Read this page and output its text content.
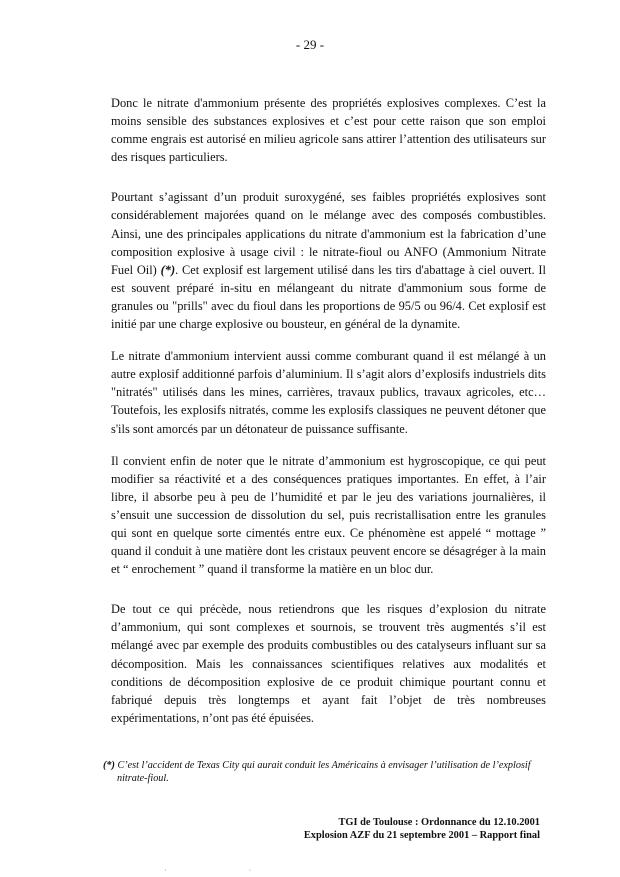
- 29 -

Donc le nitrate d'ammonium présente des propriétés explosives complexes. C’est la moins sensible des substances explosives et c’est pour cette raison que son emploi comme engrais est autorisé en milieu agricole sans attirer l’attention des utilisateurs sur des risques particuliers.

Pourtant s’agissant d’un produit suroxygéné, ses faibles propriétés explosives sont considérablement majorées quand on le mélange avec des composés combustibles. Ainsi, une des principales applications du nitrate d'ammonium est la fabrication d’une composition explosive à usage civil : le nitrate-fioul ou ANFO (Ammonium Nitrate Fuel Oil) (*). Cet explosif est largement utilisé dans les tirs d'abattage à ciel ouvert. Il est souvent préparé in-situ en mélangeant du nitrate d'ammonium sous forme de granules ou "prills" avec du fioul dans les proportions de 95/5 ou 96/4. Cet explosif est initié par une charge explosive ou bousteur, en général de la dynamite.

Le nitrate d'ammonium intervient aussi comme comburant quand il est mélangé à un autre explosif additionné parfois d’aluminium. Il s’agit alors d’explosifs industriels dits "nitratés" utilisés dans les mines, carrières, travaux publics, travaux agricoles, etc… Toutefois, les explosifs nitratés, comme les explosifs classiques ne peuvent détoner que s'ils sont amorcés par un détonateur de puissance suffisante.

Il convient enfin de noter que le nitrate d’ammonium est hygroscopique, ce qui peut modifier sa réactivité et a des conséquences pratiques importantes. En effet, à l’air libre, il absorbe peu à peu de l’humidité et par le jeu des variations journalières, il s’ensuit une succession de dissolution du sel, puis recristallisation entre les granules qui sont en quelque sorte cimentés entre eux. Ce phénomène est appelé “ mottage ” quand il conduit à une matière dont les cristaux peuvent encore se désagréger à la main et “ enrochement ” quand il transforme la matière en un bloc dur.

De tout ce qui précède, nous retiendrons que les risques d’explosion du nitrate d’ammonium, qui sont complexes et sournois, se trouvent très augmentés s’il est mélangé avec par exemple des produits combustibles ou des catalyseurs influant sur sa décomposition. Mais les connaissances scientifiques relatives aux modalités et conditions de décomposition explosive de ce produit chimique pourtant connu et fabriqué depuis très longtemps et ayant fait l’objet de très nombreuses expérimentations, n’ont pas été épuisées.

(*) C’est l’accident de Texas City qui aurait conduit les Américains à envisager l’utilisation de l’explosif
nitrate-fioul.
TGI de Toulouse : Ordonnance du 12.10.2001
Explosion AZF du 21 septembre 2001 – Rapport final
· ·
